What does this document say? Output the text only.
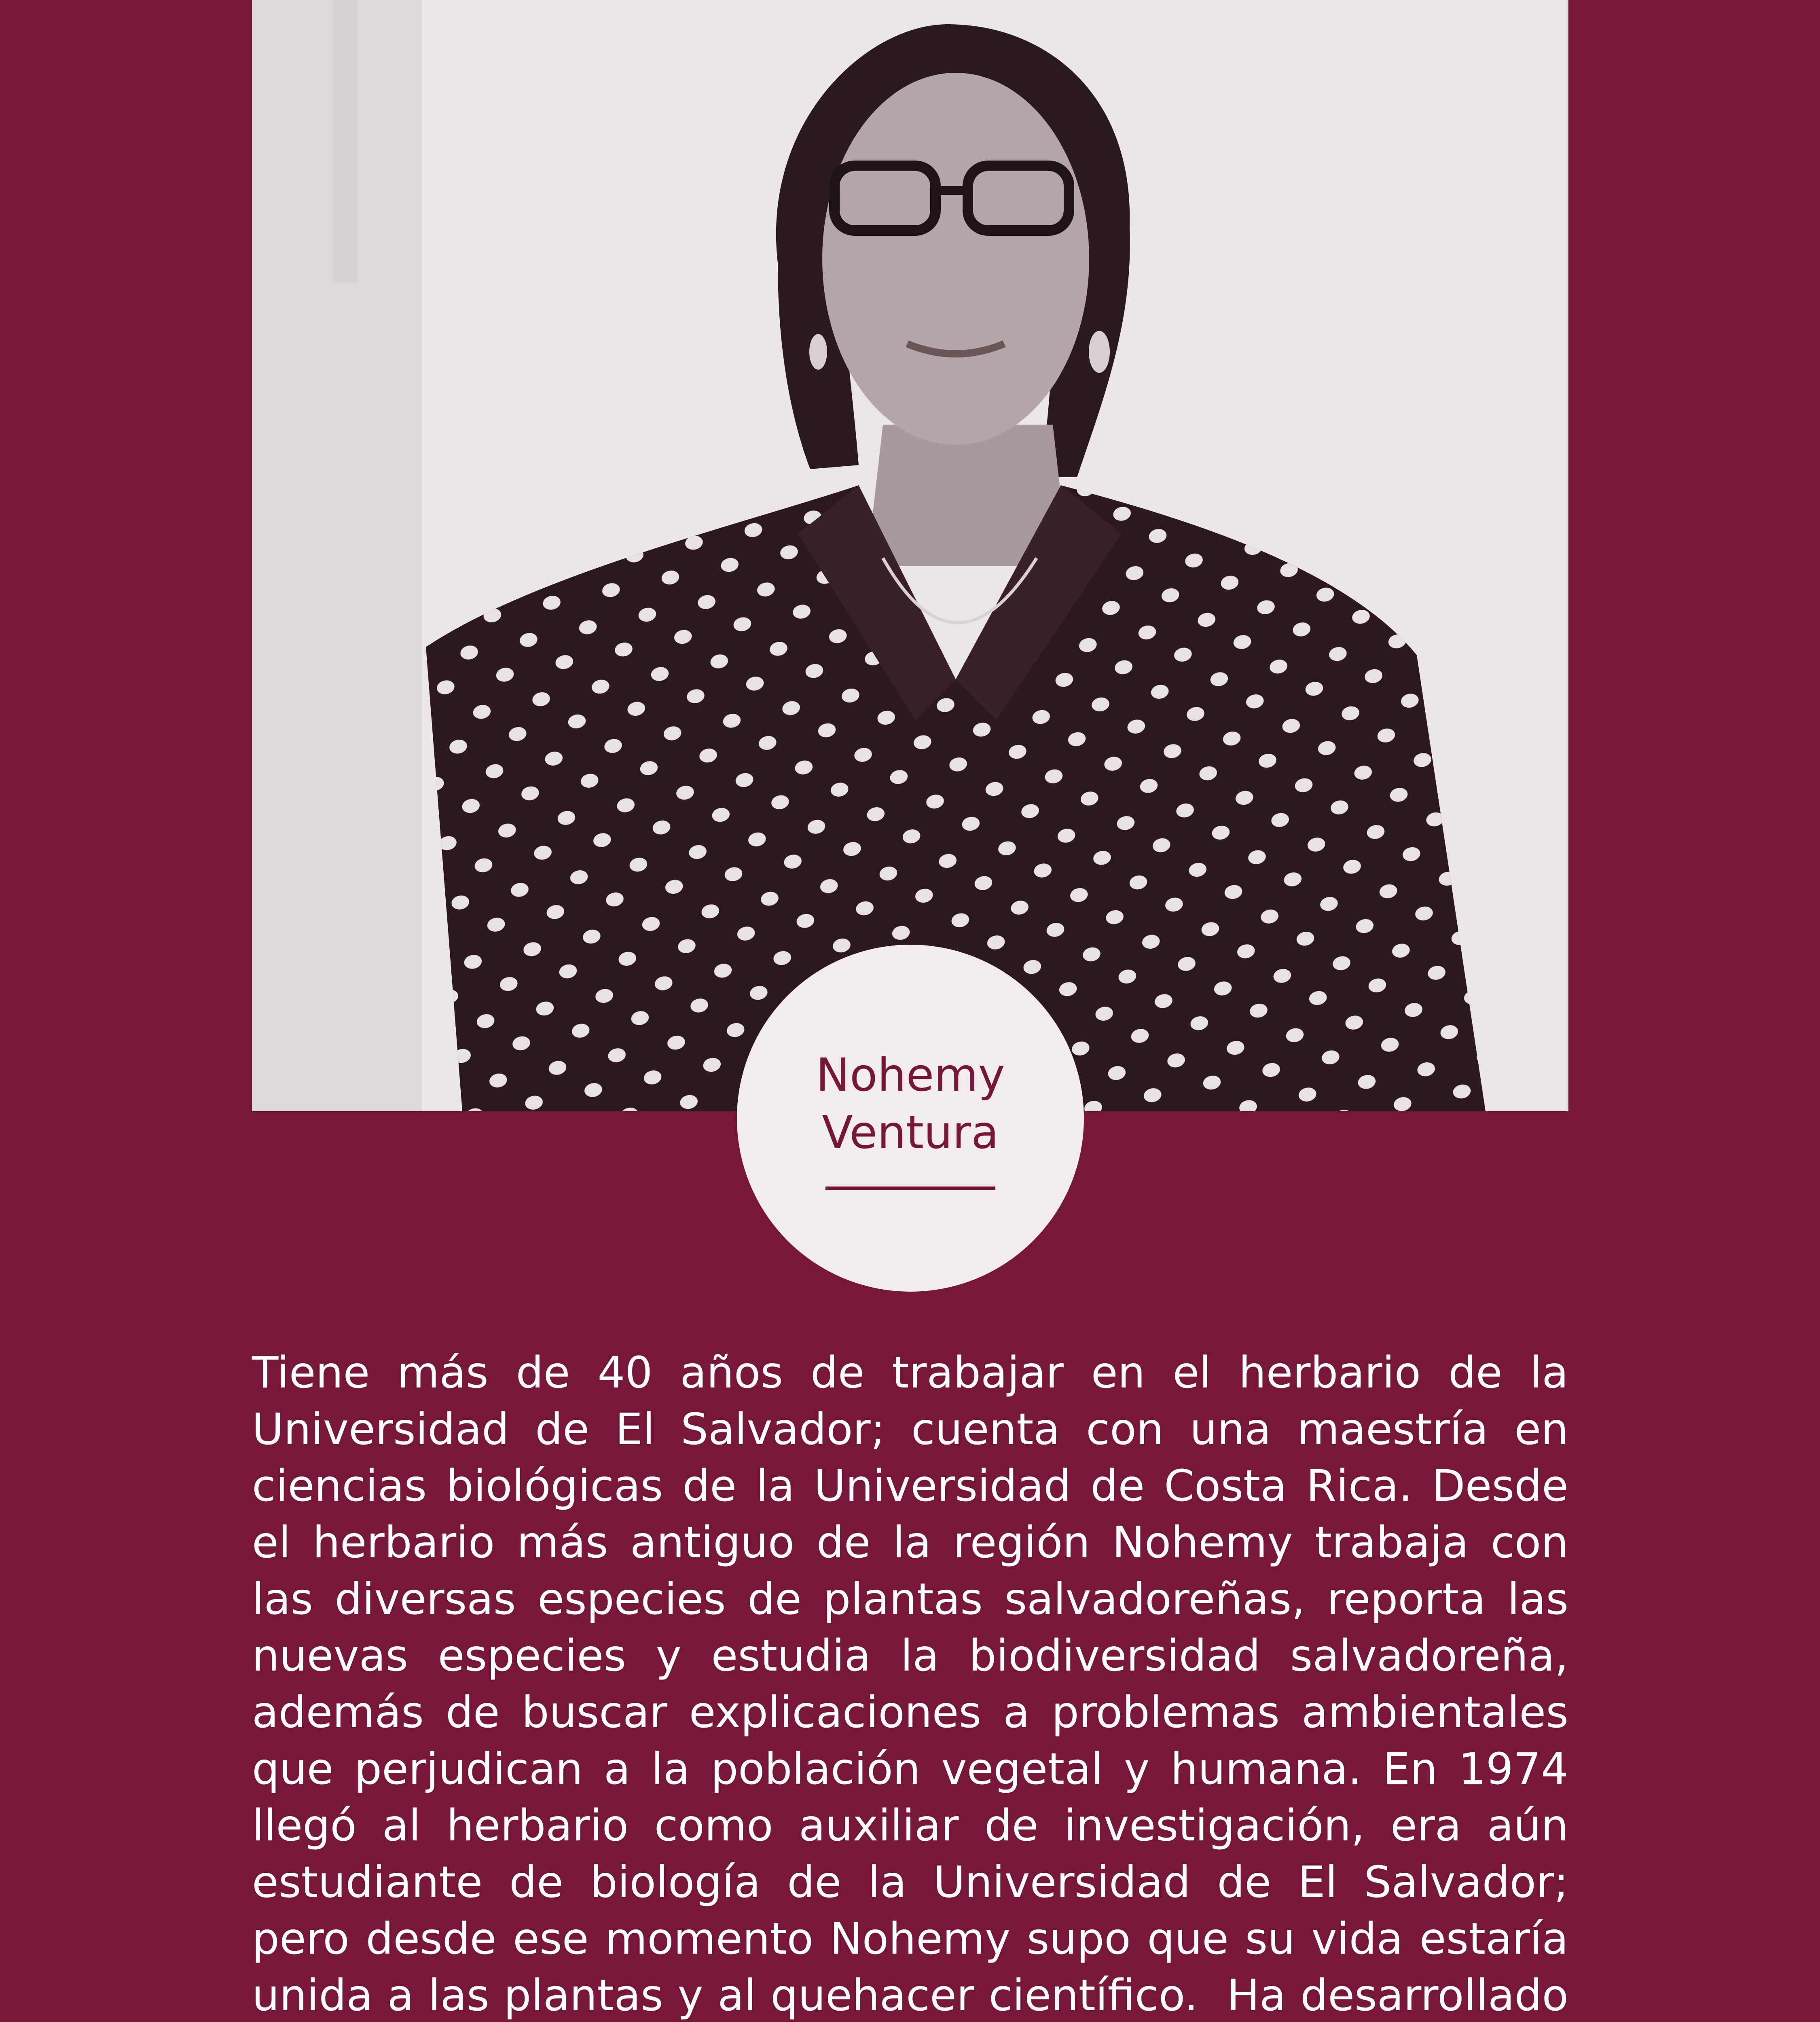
Nohemy
Ventura
Tiene más de 40 años de trabajar en el herbario de la Universidad de El Salvador; cuenta con una maestría en ciencias biológicas de la Universidad de Costa Rica. Desde el herbario más antiguo de la región Nohemy trabaja con las diversas especies de plantas salvadoreñas, reporta las nuevas especies y estudia la biodiversidad salvadoreña, además de buscar explicaciones a problemas ambientales que perjudican a la población vegetal y humana. En 1974 llegó al herbario como auxiliar de investigación, era aún estudiante de biología de la Universidad de El Salvador; pero desde ese momento Nohemy supo que su vida estaría unida a las plantas y al quehacer científico.  Ha desarrollado
